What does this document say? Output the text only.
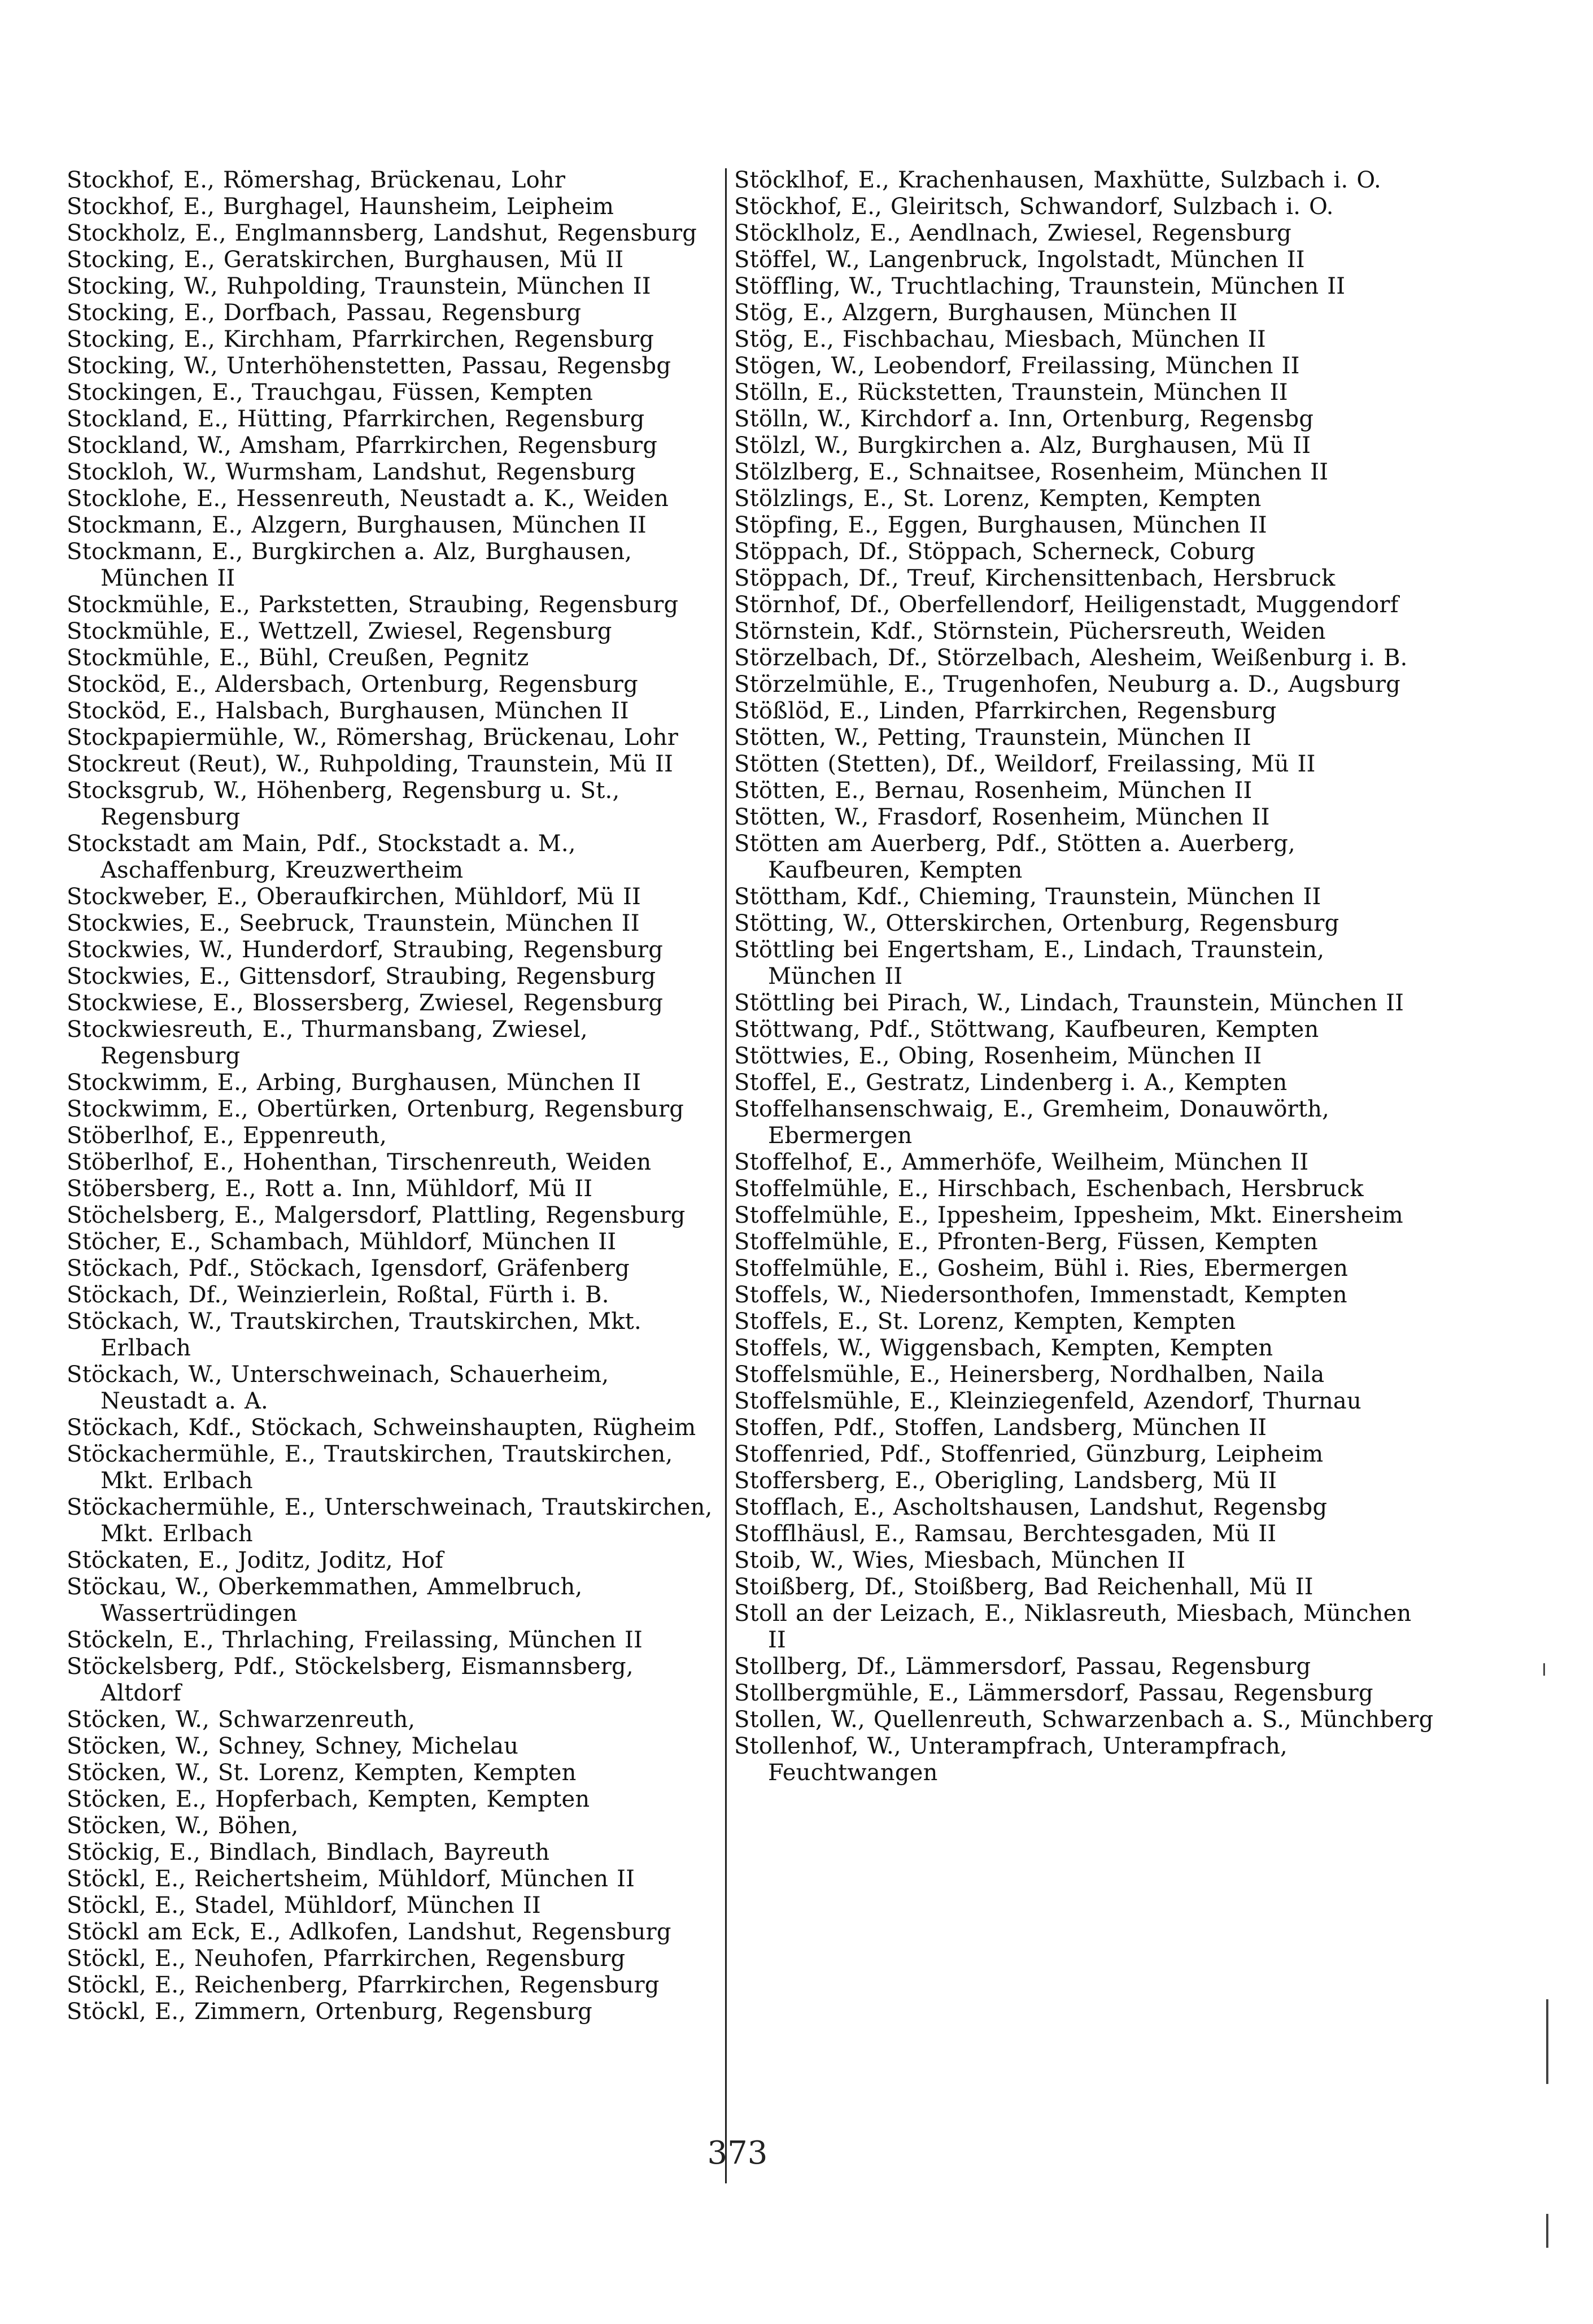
Stockhof, E., Römershag, Brückenau, Lohr
Stockhof, E., Burghagel, Haunsheim, Leipheim
Stockholz, E., Englmannsberg, Landshut, Regensburg
Stocking, E., Geratskirchen, Burghausen, Mü II
Stocking, W., Ruhpolding, Traunstein, München II
Stocking, E., Dorfbach, Passau, Regensburg
Stocking, E., Kirchham, Pfarrkirchen, Regensburg
Stocking, W., Unterhöhenstetten, Passau, Regensbg
Stockingen, E., Trauchgau, Füssen, Kempten
Stockland, E., Hütting, Pfarrkirchen, Regensburg
Stockland, W., Amsham, Pfarrkirchen, Regensburg
Stockloh, W., Wurmsham, Landshut, Regensburg
Stocklohe, E., Hessenreuth, Neustadt a. K., Weiden
Stockmann, E., Alzgern, Burghausen, München II
Stockmann, E., Burgkirchen a. Alz, Burghausen, München II
Stockmühle, E., Parkstetten, Straubing, Regensburg
Stockmühle, E., Wettzell, Zwiesel, Regensburg
Stockmühle, E., Bühl, Creußen, Pegnitz
Stocköd, E., Aldersbach, Ortenburg, Regensburg
Stocköd, E., Halsbach, Burghausen, München II
Stockpapiermühle, W., Römershag, Brückenau, Lohr
Stockreut (Reut), W., Ruhpolding, Traunstein, Mü II
Stocksgrub, W., Höhenberg, Regensburg u. St., Regensburg
Stockstadt am Main, Pdf., Stockstadt a. M., Aschaffenburg, Kreuzwertheim
Stockweber, E., Oberaufkirchen, Mühldorf, Mü II
Stockwies, E., Seebruck, Traunstein, München II
Stockwies, W., Hunderdorf, Straubing, Regensburg
Stockwies, E., Gittensdorf, Straubing, Regensburg
Stockwiese, E., Blossersberg, Zwiesel, Regensburg
Stockwiesreuth, E., Thurmansbang, Zwiesel, Regensburg
Stockwimm, E., Arbing, Burghausen, München II
Stockwimm, E., Obertürken, Ortenburg, Regensburg
Stöberlhof, E., Eppenreuth,
Stöberlhof, E., Hohenthan, Tirschenreuth, Weiden
Stöbersberg, E., Rott a. Inn, Mühldorf, Mü II
Stöchelsberg, E., Malgersdorf, Plattling, Regensburg
Stöcher, E., Schambach, Mühldorf, München II
Stöckach, Pdf., Stöckach, Igensdorf, Gräfenberg
Stöckach, Df., Weinzierlein, Roßtal, Fürth i. B.
Stöckach, W., Trautskirchen, Trautskirchen, Mkt. Erlbach
Stöckach, W., Unterschweinach, Schauerheim, Neustadt a. A.
Stöckach, Kdf., Stöckach, Schweinshaupten, Rügheim
Stöckachermühle, E., Trautskirchen, Trautskirchen, Mkt. Erlbach
Stöckachermühle, E., Unterschweinach, Trautskirchen, Mkt. Erlbach
Stöckaten, E., Joditz, Joditz, Hof
Stöckau, W., Oberkemmathen, Ammelbruch, Wassertrüdingen
Stöckeln, E., Thrlaching, Freilassing, München II
Stöckelsberg, Pdf., Stöckelsberg, Eismannsberg, Altdorf
Stöcken, W., Schwarzenreuth,
Stöcken, W., Schney, Schney, Michelau
Stöcken, W., St. Lorenz, Kempten, Kempten
Stöcken, E., Hopferbach, Kempten, Kempten
Stöcken, W., Böhen,
Stöckig, E., Bindlach, Bindlach, Bayreuth
Stöckl, E., Reichertsheim, Mühldorf, München II
Stöckl, E., Stadel, Mühldorf, München II
Stöckl am Eck, E., Adlkofen, Landshut, Regensburg
Stöckl, E., Neuhofen, Pfarrkirchen, Regensburg
Stöckl, E., Reichenberg, Pfarrkirchen, Regensburg
Stöckl, E., Zimmern, Ortenburg, Regensburg
Stöcklhof, E., Krachenhausen, Maxhütte, Sulzbach i. O.
Stöckhof, E., Gleiritsch, Schwandorf, Sulzbach i. O.
Stöcklholz, E., Aendlnach, Zwiesel, Regensburg
Stöffel, W., Langenbruck, Ingolstadt, München II
Stöffling, W., Truchtlaching, Traunstein, München II
Stög, E., Alzgern, Burghausen, München II
Stög, E., Fischbachau, Miesbach, München II
Stögen, W., Leobendorf, Freilassing, München II
Stölln, E., Rückstetten, Traunstein, München II
Stölln, W., Kirchdorf a. Inn, Ortenburg, Regensbg
Stölzl, W., Burgkirchen a. Alz, Burghausen, Mü II
Stölzlberg, E., Schnaitsee, Rosenheim, München II
Stölzlings, E., St. Lorenz, Kempten, Kempten
Stöpfing, E., Eggen, Burghausen, München II
Stöppach, Df., Stöppach, Scherneck, Coburg
Stöppach, Df., Treuf, Kirchensittenbach, Hersbruck
Störnhof, Df., Oberfellendorf, Heiligenstadt, Muggendorf
Störnstein, Kdf., Störnstein, Püchersreuth, Weiden
Störzelbach, Df., Störzelbach, Alesheim, Weißenburg i. B.
Störzelmühle, E., Trugenhofen, Neuburg a. D., Augsburg
Stößlöd, E., Linden, Pfarrkirchen, Regensburg
Stötten, W., Petting, Traunstein, München II
Stötten (Stetten), Df., Weildorf, Freilassing, Mü II
Stötten, E., Bernau, Rosenheim, München II
Stötten, W., Frasdorf, Rosenheim, München II
Stötten am Auerberg, Pdf., Stötten a. Auerberg, Kaufbeuren, Kempten
Stöttham, Kdf., Chieming, Traunstein, München II
Stötting, W., Otterskirchen, Ortenburg, Regensburg
Stöttling bei Engertsham, E., Lindach, Traunstein, München II
Stöttling bei Pirach, W., Lindach, Traunstein, München II
Stöttwang, Pdf., Stöttwang, Kaufbeuren, Kempten
Stöttwies, E., Obing, Rosenheim, München II
Stoffel, E., Gestratz, Lindenberg i. A., Kempten
Stoffelhansenschwaig, E., Gremheim, Donauwörth, Ebermergen
Stoffelhof, E., Ammerhöfe, Weilheim, München II
Stoffelmühle, E., Hirschbach, Eschenbach, Hersbruck
Stoffelmühle, E., Ippesheim, Ippesheim, Mkt. Einersheim
Stoffelmühle, E., Pfronten-Berg, Füssen, Kempten
Stoffelmühle, E., Gosheim, Bühl i. Ries, Ebermergen
Stoffels, W., Niedersonthofen, Immenstadt, Kempten
Stoffels, E., St. Lorenz, Kempten, Kempten
Stoffels, W., Wiggensbach, Kempten, Kempten
Stoffelsmühle, E., Heinersberg, Nordhalben, Naila
Stoffelsmühle, E., Kleinziegenfeld, Azendorf, Thurnau
Stoffen, Pdf., Stoffen, Landsberg, München II
Stoffenried, Pdf., Stoffenried, Günzburg, Leipheim
Stoffersberg, E., Oberigling, Landsberg, Mü II
Stofflach, E., Ascholtshausen, Landshut, Regensbg
Stofflhäusl, E., Ramsau, Berchtesgaden, Mü II
Stoib, W., Wies, Miesbach, München II
Stoißberg, Df., Stoißberg, Bad Reichenhall, Mü II
Stoll an der Leizach, E., Niklasreuth, Miesbach, München II
Stollberg, Df., Lämmersdorf, Passau, Regensburg
Stollbergmühle, E., Lämmersdorf, Passau, Regensburg
Stollen, W., Quellenreuth, Schwarzenbach a. S., Münchberg
Stollenhof, W., Unterampfrach, Unterampfrach, Feuchtwangen
373
